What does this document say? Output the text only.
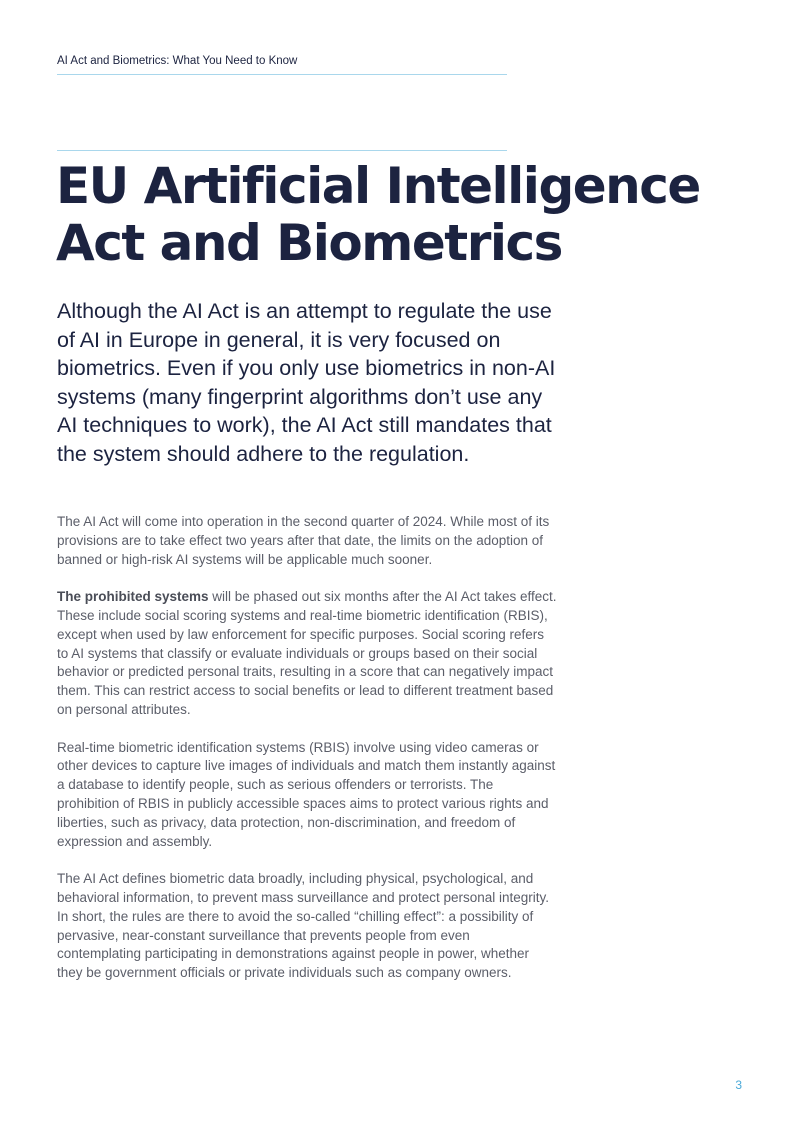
AI Act and Biometrics: What You Need to Know
EU Artificial Intelligence
Act and Biometrics

Although the AI Act is an attempt to regulate the use of AI in Europe in general, it is very focused on biometrics. Even if you only use biometrics in non-AI systems (many fingerprint algorithms don’t use any AI techniques to work), the AI Act still mandates that the system should adhere to the regulation.

The AI Act will come into operation in the second quarter of 2024. While most of its provisions are to take effect two years after that date, the limits on the adoption of banned or high-risk AI systems will be applicable much sooner.

The prohibited systems will be phased out six months after the AI Act takes effect. These include social scoring systems and real-time biometric identification (RBIS), except when used by law enforcement for specific purposes. Social scoring refers to AI systems that classify or evaluate individuals or groups based on their social behavior or predicted personal traits, resulting in a score that can negatively impact them. This can restrict access to social benefits or lead to different treatment based on personal attributes.

Real-time biometric identification systems (RBIS) involve using video cameras or other devices to capture live images of individuals and match them instantly against a database to identify people, such as serious offenders or terrorists. The prohibition of RBIS in publicly accessible spaces aims to protect various rights and liberties, such as privacy, data protection, non-discrimination, and freedom of expression and assembly.

The AI Act defines biometric data broadly, including physical, psychological, and behavioral information, to prevent mass surveillance and protect personal integrity. In short, the rules are there to avoid the so-called “chilling effect”: a possibility of pervasive, near-constant surveillance that prevents people from even contemplating participating in demonstrations against people in power, whether they be government officials or private individuals such as company owners.

3
